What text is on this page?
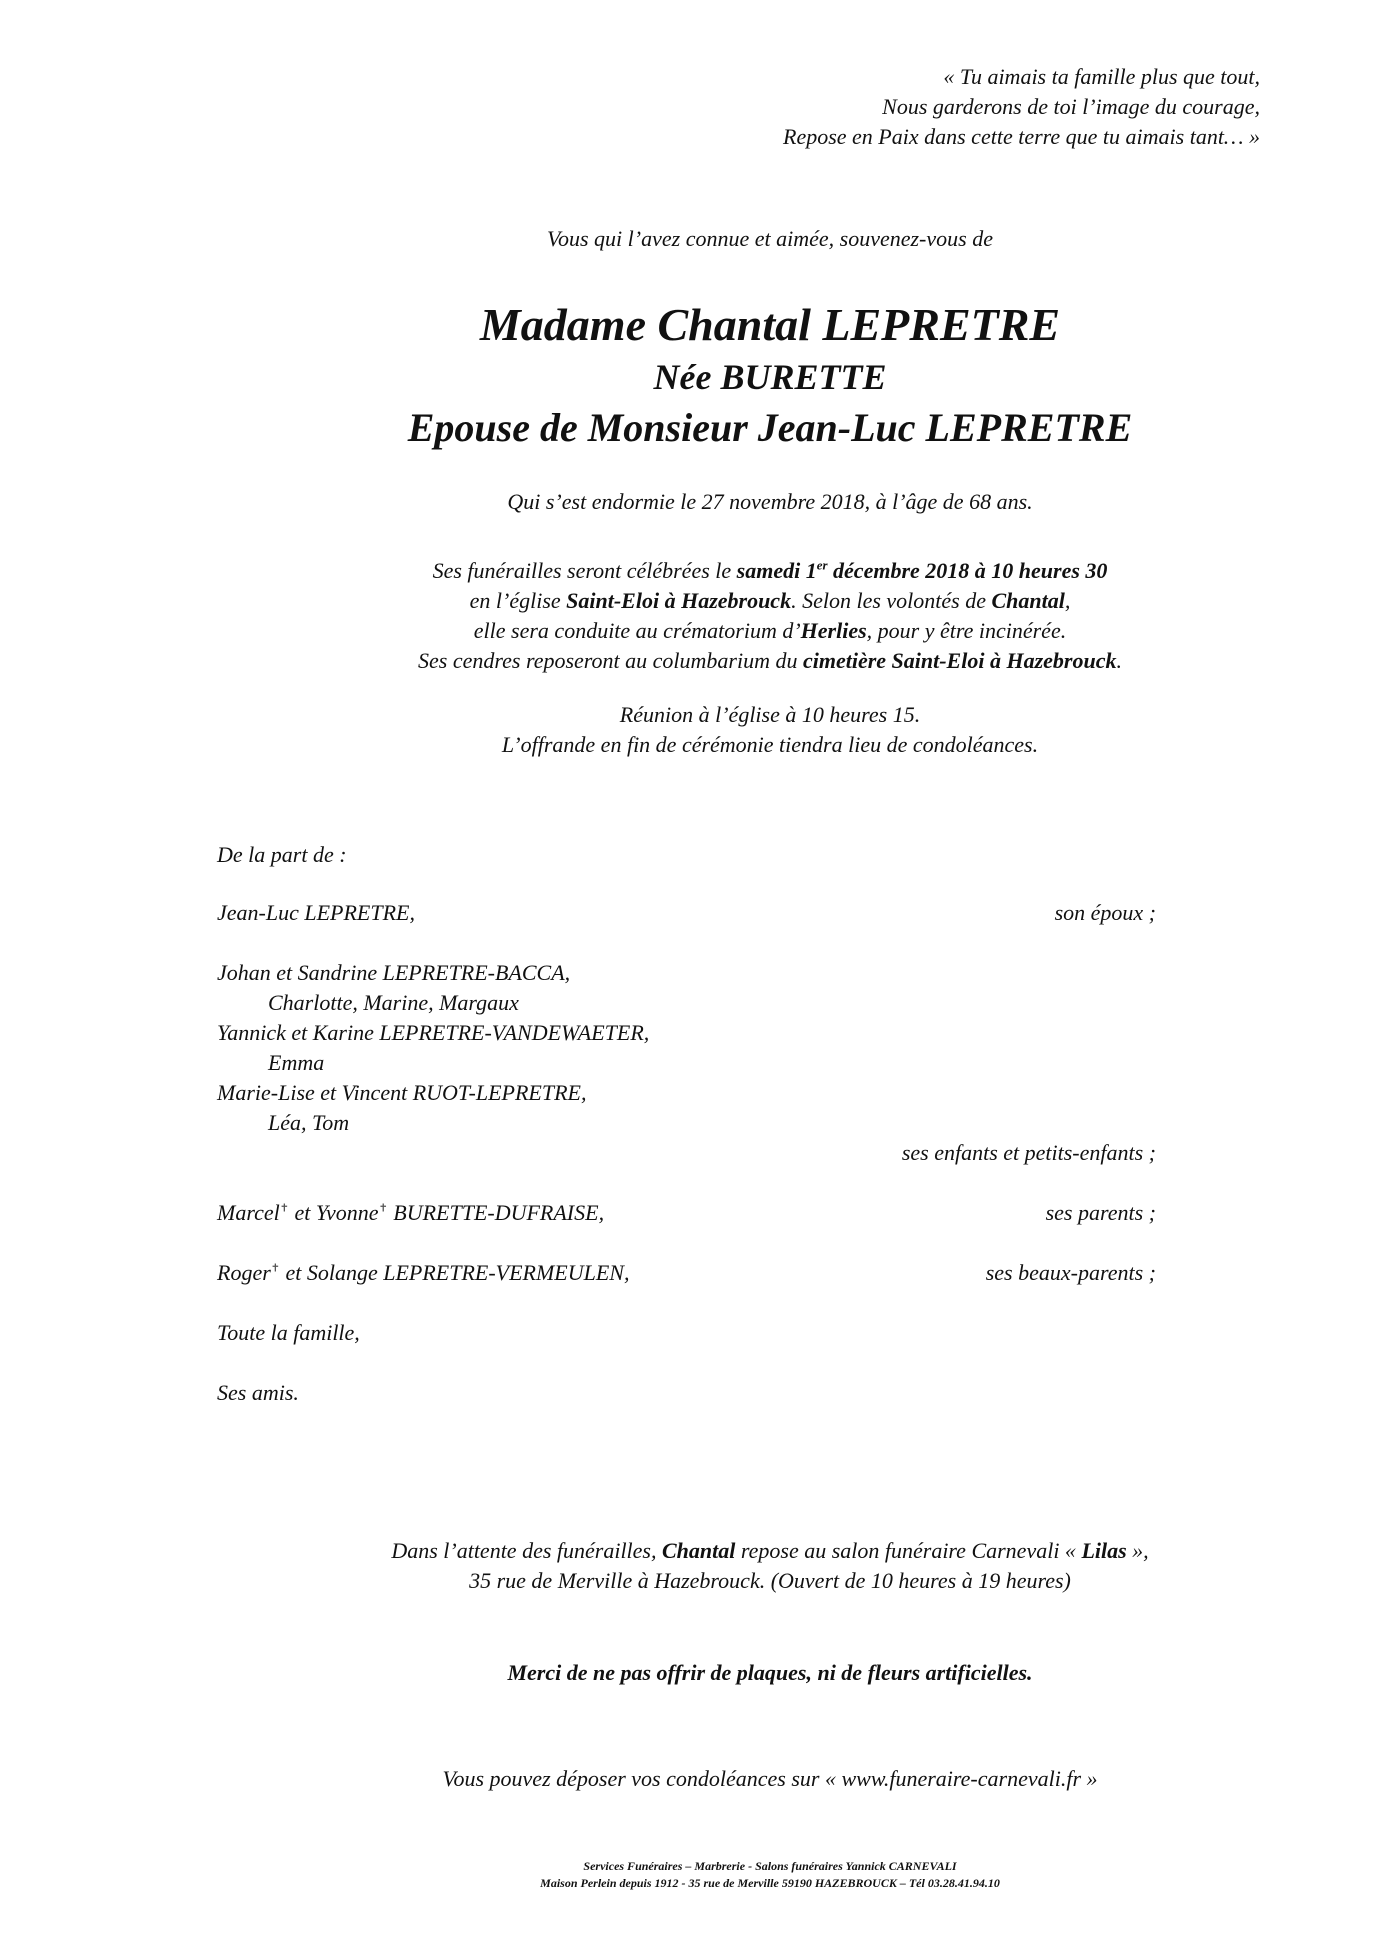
« Tu aimais ta famille plus que tout,
Nous garderons de toi l’image du courage,
Repose en Paix dans cette terre que tu aimais tant… »
Vous qui l’avez connue et aimée, souvenez-vous de
Madame Chantal LEPRETRE
Née BURETTE
Epouse de Monsieur Jean-Luc LEPRETRE
Qui s’est endormie le 27 novembre 2018, à l’âge de 68 ans.
Ses funérailles seront célébrées le samedi 1er décembre 2018 à 10 heures 30
en l’église Saint-Eloi à Hazebrouck. Selon les volontés de Chantal,
elle sera conduite au crématorium d’Herlies, pour y être incinérée.
Ses cendres reposeront au columbarium du cimetière Saint-Eloi à Hazebrouck.
Réunion à l’église à 10 heures 15.
L’offrande en fin de cérémonie tiendra lieu de condoléances.
De la part de :
Jean-Luc LEPRETRE,	son époux ;
Johan et Sandrine LEPRETRE-BACCA,
Charlotte, Marine, Margaux
Yannick et Karine LEPRETRE-VANDEWAETER,
Emma
Marie-Lise et Vincent RUOT-LEPRETRE,
Léa, Tom
ses enfants et petits-enfants ;
Marcel✝ et Yvonne✝ BURETTE-DUFRAISE,	ses parents ;
Roger✝ et Solange LEPRETRE-VERMEULEN,	ses beaux-parents ;
Toute la famille,
Ses amis.
Dans l’attente des funérailles, Chantal repose au salon funéraire Carnevali « Lilas »,
35 rue de Merville à Hazebrouck. (Ouvert de 10 heures à 19 heures)
Merci de ne pas offrir de plaques, ni de fleurs artificielles.
Vous pouvez déposer vos condoléances sur « www.funeraire-carnevali.fr »
Services Funéraires – Marbrerie - Salons funéraires Yannick CARNEVALI
Maison Perlein depuis 1912 - 35 rue de Merville 59190 HAZEBROUCK – Tél 03.28.41.94.10
